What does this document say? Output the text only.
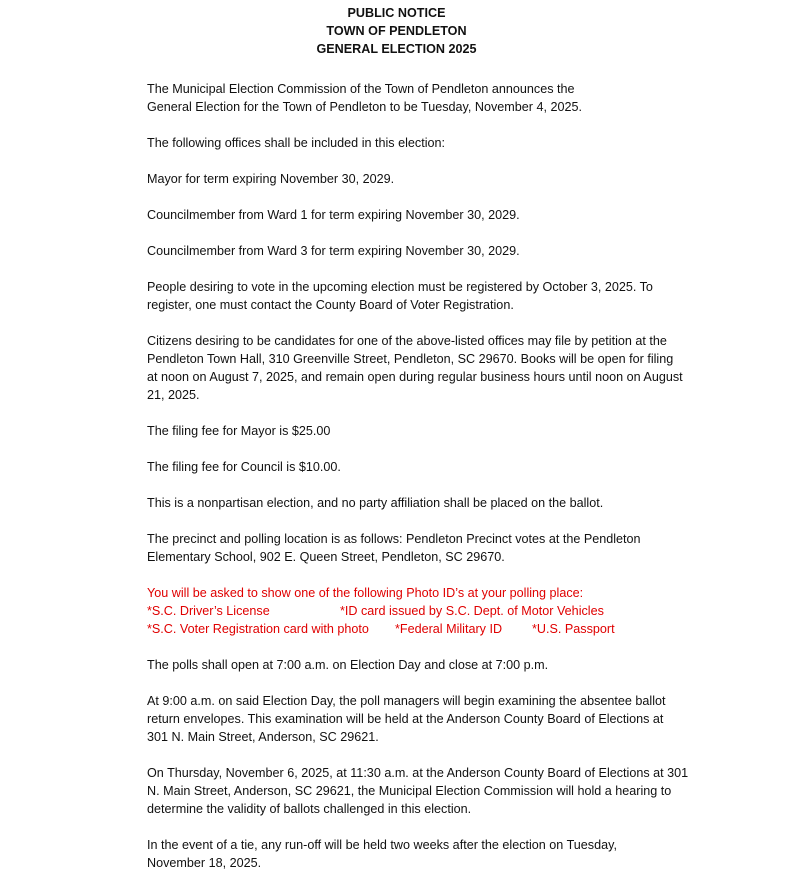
PUBLIC NOTICE
TOWN OF PENDLETON
GENERAL ELECTION 2025
The Municipal Election Commission of the Town of Pendleton announces the
General Election for the Town of Pendleton to be Tuesday, November 4, 2025.
The following offices shall be included in this election:
Mayor for term expiring November 30, 2029.
Councilmember from Ward 1 for term expiring November 30, 2029.
Councilmember from Ward 3 for term expiring November 30, 2029.
People desiring to vote in the upcoming election must be registered by October 3, 2025. To
register, one must contact the County Board of Voter Registration.
Citizens desiring to be candidates for one of the above-listed offices may file by petition at the
Pendleton Town Hall, 310 Greenville Street, Pendleton, SC 29670. Books will be open for filing
at noon on August 7, 2025, and remain open during regular business hours until noon on August
21, 2025.
The filing fee for Mayor is $25.00
The filing fee for Council is $10.00.
This is a nonpartisan election, and no party affiliation shall be placed on the ballot.
The precinct and polling location is as follows: Pendleton Precinct votes at the Pendleton
Elementary School, 902 E. Queen Street, Pendleton, SC 29670.
You will be asked to show one of the following Photo ID’s at your polling place:
*S.C. Driver’s License	*ID card issued by S.C. Dept. of Motor Vehicles
*S.C. Voter Registration card with photo *Federal Military ID *U.S. Passport
The polls shall open at 7:00 a.m. on Election Day and close at 7:00 p.m.
At 9:00 a.m. on said Election Day, the poll managers will begin examining the absentee ballot
return envelopes. This examination will be held at the Anderson County Board of Elections at
301 N. Main Street, Anderson, SC 29621.
On Thursday, November 6, 2025, at 11:30 a.m. at the Anderson County Board of Elections at 301
N. Main Street, Anderson, SC 29621, the Municipal Election Commission will hold a hearing to
determine the validity of ballots challenged in this election.
In the event of a tie, any run-off will be held two weeks after the election on Tuesday,
November 18, 2025.
